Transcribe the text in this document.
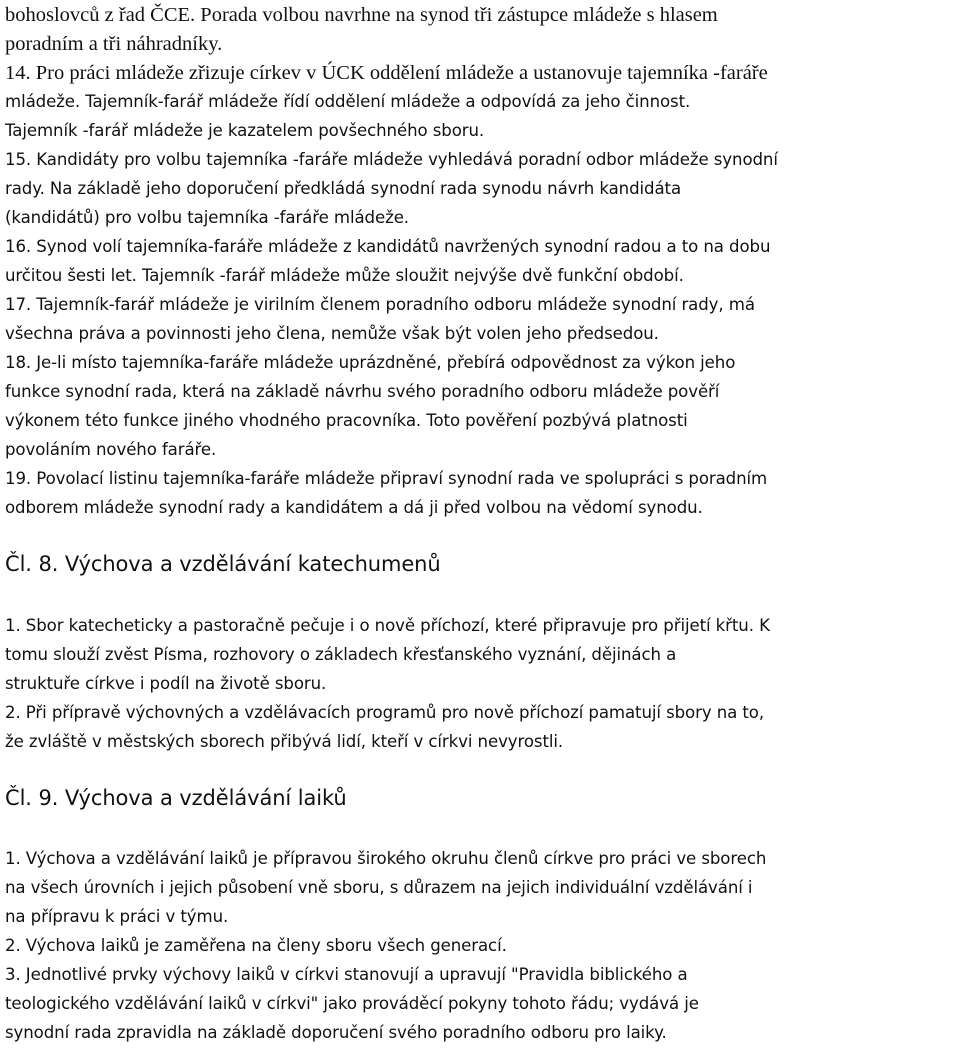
bohoslovců z řad ČCE. Porada volbou navrhne na synod tři zástupce mládeže s hlasem
poradním a tři náhradníky.
14. Pro práci mládeže zřizuje církev v ÚCK oddělení mládeže a ustanovuje tajemníka -faráře
mládeže. Tajemník-farář mládeže řídí oddělení mládeže a odpovídá za jeho činnost.
Tajemník -farář mládeže je kazatelem povšechného sboru.
15. Kandidáty pro volbu tajemníka -faráře mládeže vyhledává poradní odbor mládeže synodní
rady. Na základě jeho doporučení předkládá synodní rada synodu návrh kandidáta
(kandidátů) pro volbu tajemníka -faráře mládeže.
16. Synod volí tajemníka-faráře mládeže z kandidátů navržených synodní radou a to na dobu
určitou šesti let. Tajemník -farář mládeže může sloužit nejvýše dvě funkční období.
17. Tajemník-farář mládeže je virilním členem poradního odboru mládeže synodní rady, má
všechna práva a povinnosti jeho člena, nemůže však být volen jeho předsedou.
18. Je-li místo tajemníka-faráře mládeže uprázdněné, přebírá odpovědnost za výkon jeho
funkce synodní rada, která na základě návrhu svého poradního odboru mládeže pověří
výkonem této funkce jiného vhodného pracovníka. Toto pověření pozbývá platnosti
povoláním nového faráře.
19. Povolací listinu tajemníka-faráře mládeže připraví synodní rada ve spolupráci s poradním
odborem mládeže synodní rady a kandidátem a dá ji před volbou na vědomí synodu.
Čl. 8. Výchova a vzdělávání katechumenů
1. Sbor katecheticky a pastoračně pečuje i o nově příchozí, které připravuje pro přijetí křtu. K
tomu slouží zvěst Písma, rozhovory o základech křesťanského vyznání, dějinách a
struktuře církve i podíl na životě sboru.
2. Při přípravě výchovných a vzdělávacích programů pro nově příchozí pamatují sbory na to,
že zvláště v městských sborech přibývá lidí, kteří v církvi nevyrostli.
Čl. 9. Výchova a vzdělávání laiků
1. Výchova a vzdělávání laiků je přípravou širokého okruhu členů církve pro práci ve sborech
na všech úrovních i jejich působení vně sboru, s důrazem na jejich individuální vzdělávání i
na přípravu k práci v týmu.
2. Výchova laiků je zaměřena na členy sboru všech generací.
3. Jednotlivé prvky výchovy laiků v církvi stanovují a upravují "Pravidla biblického a
teologického vzdělávání laiků v církvi" jako prováděcí pokyny tohoto řádu; vydává je
synodní rada zpravidla na základě doporučení svého poradního odboru pro laiky.
